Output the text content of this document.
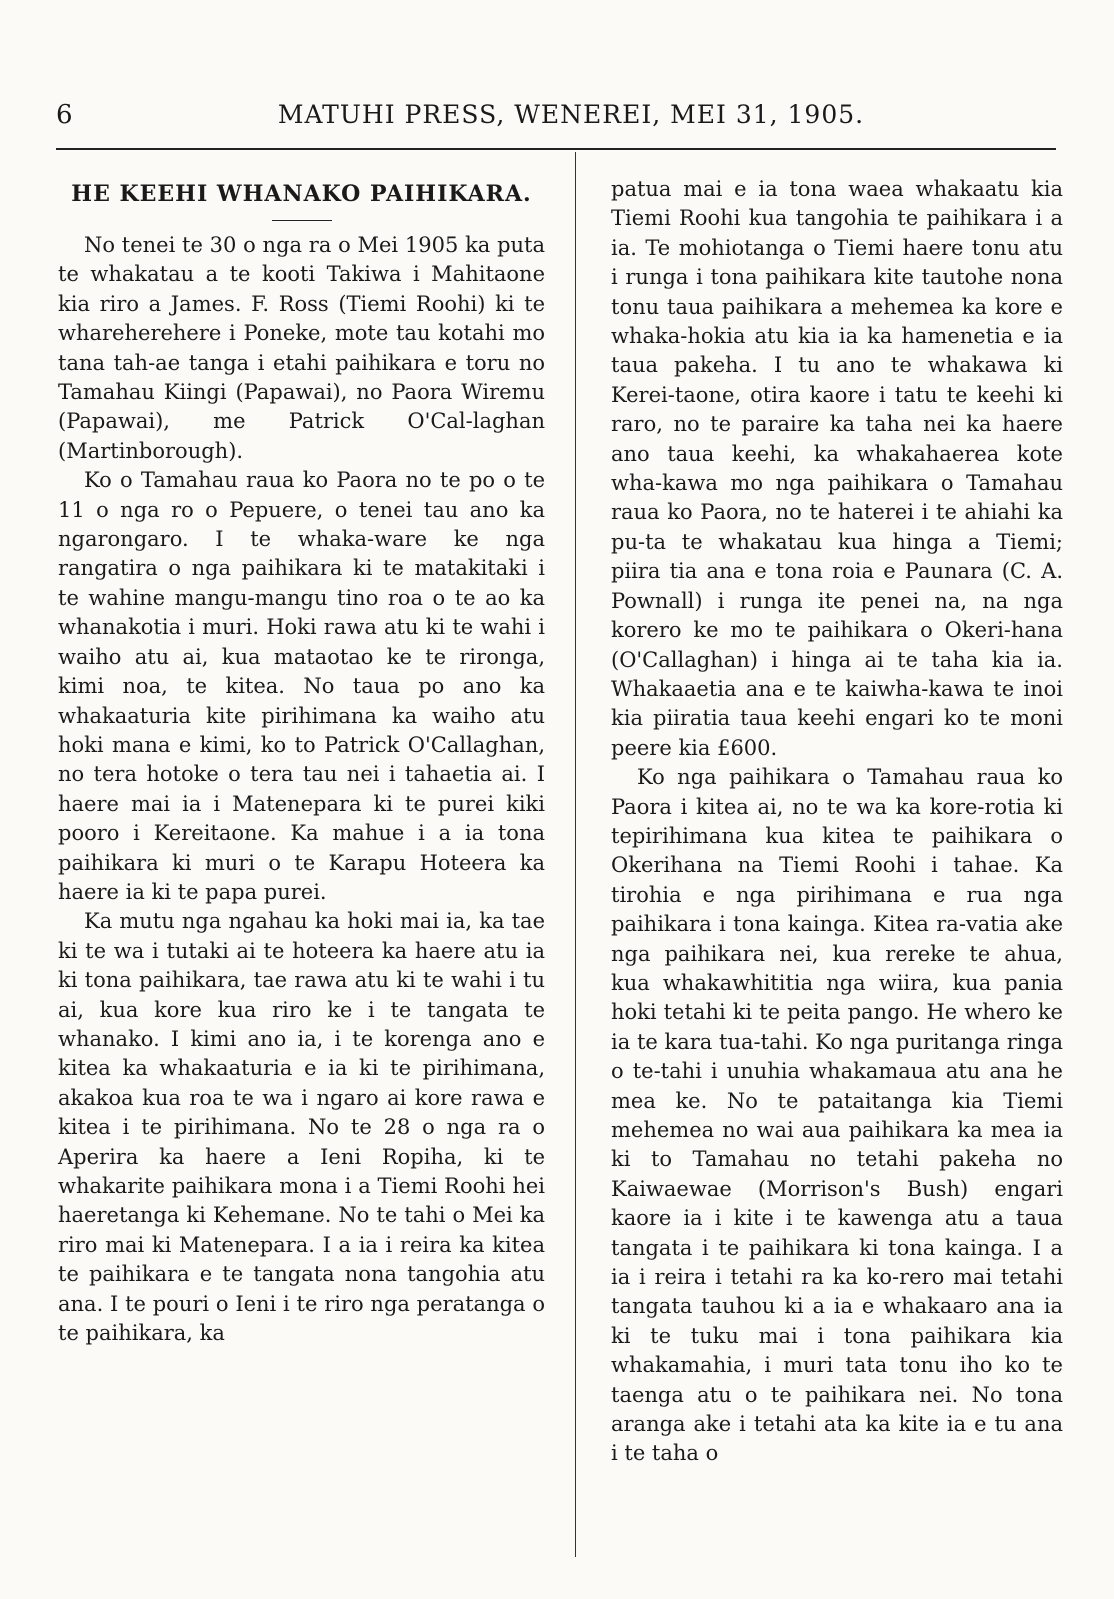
6	MATUHI PRESS, WENEREI, MEI 31, 1905.
HE KEEHI WHANAKO PAIHIKARA.

No tenei te 30 o nga ra o Mei 1905 ka puta te whakatau a te kooti Takiwa i Mahitaone kia riro a James. F. Ross (Tiemi Roohi) ki te whareherehere i Poneke, mote tau kotahi mo tana tah-ae tanga i etahi paihikara e toru no Tamahau Kiingi (Papawai), no Paora Wiremu (Papawai), me Patrick O'Cal-laghan (Martinborough).

Ko o Tamahau raua ko Paora no te po o te 11 o nga ro o Pepuere, o tenei tau ano ka ngarongaro. I te whaka-ware ke nga rangatira o nga paihikara ki te matakitaki i te wahine mangu-mangu tino roa o te ao ka whanakotia i muri. Hoki rawa atu ki te wahi i waiho atu ai, kua mataotao ke te rironga, kimi noa, te kitea. No taua po ano ka whakaaturia kite pirihimana ka waiho atu hoki mana e kimi, ko to Patrick O'Callaghan, no tera hotoke o tera tau nei i tahaetia ai. I haere mai ia i Matenepara ki te purei kiki pooro i Kereitaone. Ka mahue i a ia tona paihikara ki muri o te Karapu Hoteera ka haere ia ki te papa purei.

Ka mutu nga ngahau ka hoki mai ia, ka tae ki te wa i tutaki ai te hoteera ka haere atu ia ki tona paihikara, tae rawa atu ki te wahi i tu ai, kua kore kua riro ke i te tangata te whanako. I kimi ano ia, i te korenga ano e kitea ka whakaaturia e ia ki te pirihimana, akakoa kua roa te wa i ngaro ai kore rawa e kitea i te pirihimana. No te 28 o nga ra o Aperira ka haere a Ieni Ropiha, ki te whakarite paihikara mona i a Tiemi Roohi hei haeretanga ki Kehemane. No te tahi o Mei ka riro mai ki Matenepara. I a ia i reira ka kitea te paihikara e te tangata nona tangohia atu ana. I te pouri o Ieni i te riro nga peratanga o te paihikara, ka

patua mai e ia tona waea whakaatu kia Tiemi Roohi kua tangohia te paihikara i a ia. Te mohiotanga o Tiemi haere tonu atu i runga i tona paihikara kite tautohe nona tonu taua paihikara a mehemea ka kore e whaka-hokia atu kia ia ka hamenetia e ia taua pakeha. I tu ano te whakawa ki Kerei-taone, otira kaore i tatu te keehi ki raro, no te paraire ka taha nei ka haere ano taua keehi, ka whakahaerea kote wha-kawa mo nga paihikara o Tamahau raua ko Paora, no te haterei i te ahiahi ka pu-ta te whakatau kua hinga a Tiemi; piira tia ana e tona roia e Paunara (C. A. Pownall) i runga ite penei na, na nga korero ke mo te paihikara o Okeri-hana (O'Callaghan) i hinga ai te taha kia ia. Whakaaetia ana e te kaiwha-kawa te inoi kia piiratia taua keehi engari ko te moni peere kia £600.

Ko nga paihikara o Tamahau raua ko Paora i kitea ai, no te wa ka kore-rotia ki tepirihimana kua kitea te paihikara o Okerihana na Tiemi Roohi i tahae. Ka tirohia e nga pirihimana e rua nga paihikara i tona kainga. Kitea ra-vatia ake nga paihikara nei, kua rereke te ahua, kua whakawhititia nga wiira, kua pania hoki tetahi ki te peita pango. He whero ke ia te kara tua-tahi. Ko nga puritanga ringa o te-tahi i unuhia whakamaua atu ana he mea ke. No te pataitanga kia Tiemi mehemea no wai aua paihikara ka mea ia ki to Tamahau no tetahi pakeha no Kaiwaewae (Morrison's Bush) engari kaore ia i kite i te kawenga atu a taua tangata i te paihikara ki tona kainga. I a ia i reira i tetahi ra ka ko-rero mai tetahi tangata tauhou ki a ia e whakaaro ana ia ki te tuku mai i tona paihikara kia whakamahia, i muri tata tonu iho ko te taenga atu o te paihikara nei. No tona aranga ake i tetahi ata ka kite ia e tu ana i te taha o
